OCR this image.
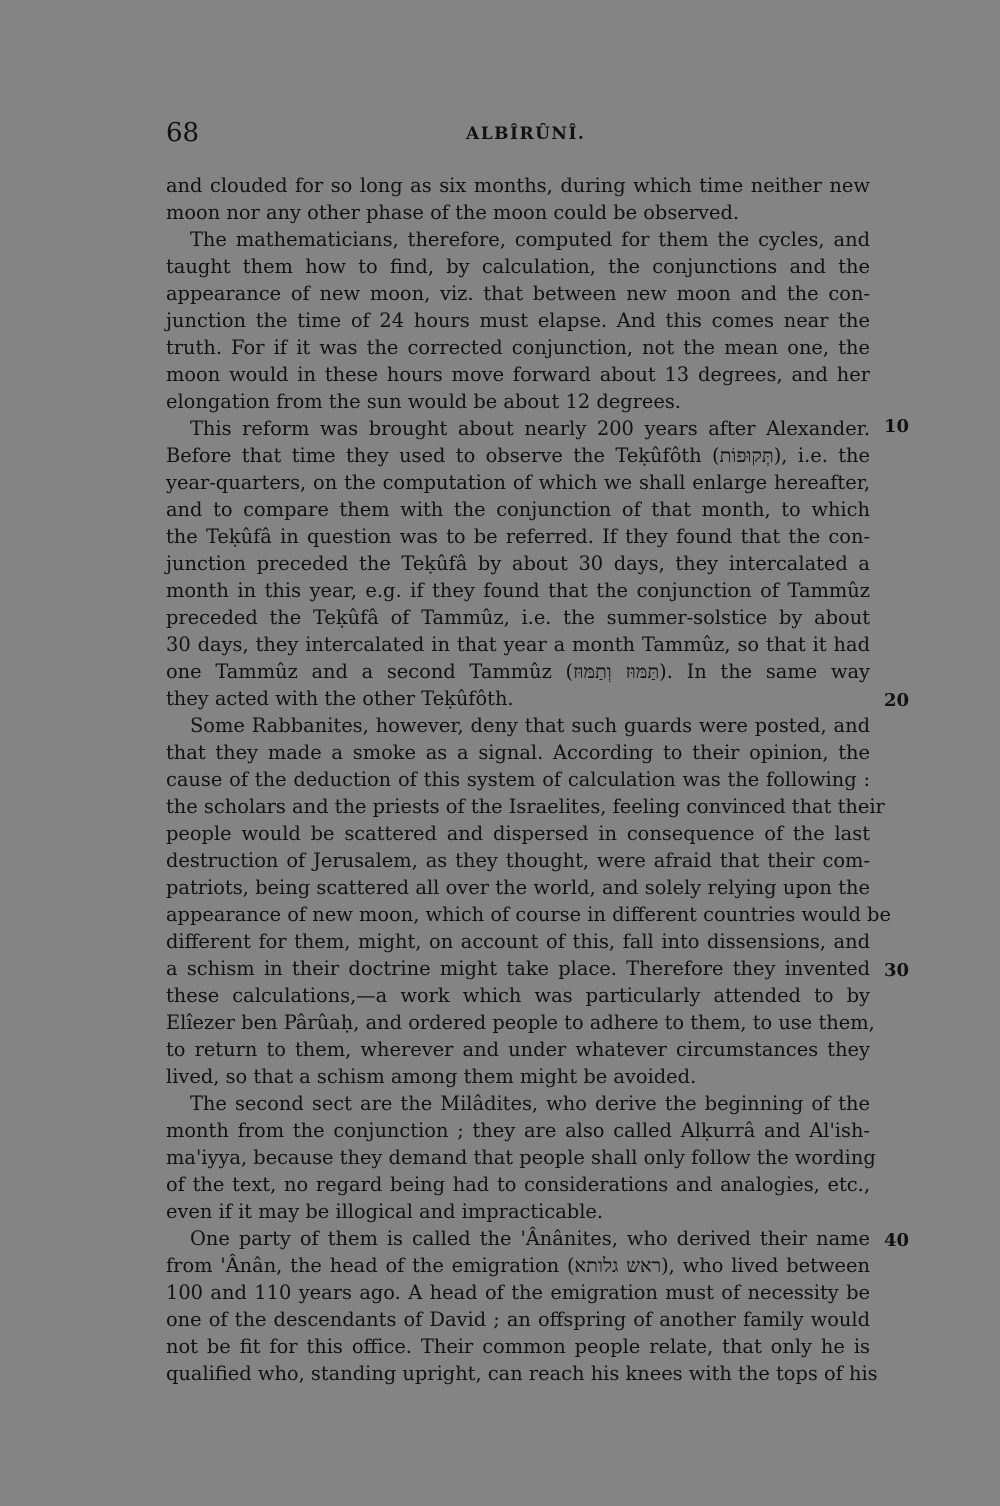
68	ALBÎRÛNÎ.
and clouded for so long as six months, during which time neither new
moon nor any other phase of the moon could be observed.
The mathematicians, therefore, computed for them the cycles, and
taught them how to find, by calculation, the conjunctions and the
appearance of new moon, viz. that between new moon and the con-
junction the time of 24 hours must elapse. And this comes near the
truth. For if it was the corrected conjunction, not the mean one, the
moon would in these hours move forward about 13 degrees, and her
elongation from the sun would be about 12 degrees.
This reform was brought about nearly 200 years after Alexander.
Before that time they used to observe the Teḳûfôth (תְּקוּפוֹת), i.e. the
year-quarters, on the computation of which we shall enlarge hereafter,
and to compare them with the conjunction of that month, to which
the Teḳûfâ in question was to be referred. If they found that the con-
junction preceded the Teḳûfâ by about 30 days, they intercalated a
month in this year, e.g. if they found that the conjunction of Tammûz
preceded the Teḳûfâ of Tammûz, i.e. the summer-solstice by about
30 days, they intercalated in that year a month Tammûz, so that it had
one Tammûz and a second Tammûz (תַּמּוּז וְתַמּוּז). In the same way
they acted with the other Teḳûfôth.
Some Rabbanites, however, deny that such guards were posted, and
that they made a smoke as a signal. According to their opinion, the
cause of the deduction of this system of calculation was the following :
the scholars and the priests of the Israelites, feeling convinced that their
people would be scattered and dispersed in consequence of the last
destruction of Jerusalem, as they thought, were afraid that their com-
patriots, being scattered all over the world, and solely relying upon the
appearance of new moon, which of course in different countries would be
different for them, might, on account of this, fall into dissensions, and
a schism in their doctrine might take place. Therefore they invented
these calculations,—a work which was particularly attended to by
Elîezer ben Pârûaḥ, and ordered people to adhere to them, to use them,
to return to them, wherever and under whatever circumstances they
lived, so that a schism among them might be avoided.
The second sect are the Milâdites, who derive the beginning of the
month from the conjunction ; they are also called Alḳurrâ and Al'ish-
ma'iyya, because they demand that people shall only follow the wording
of the text, no regard being had to considerations and analogies, etc.,
even if it may be illogical and impracticable.
One party of them is called the 'Ânânites, who derived their name
from 'Ânân, the head of the emigration (ראש גלותא), who lived between
100 and 110 years ago. A head of the emigration must of necessity be
one of the descendants of David ; an offspring of another family would
not be fit for this office. Their common people relate, that only he is
qualified who, standing upright, can reach his knees with the tops of his
10
20
30
40
